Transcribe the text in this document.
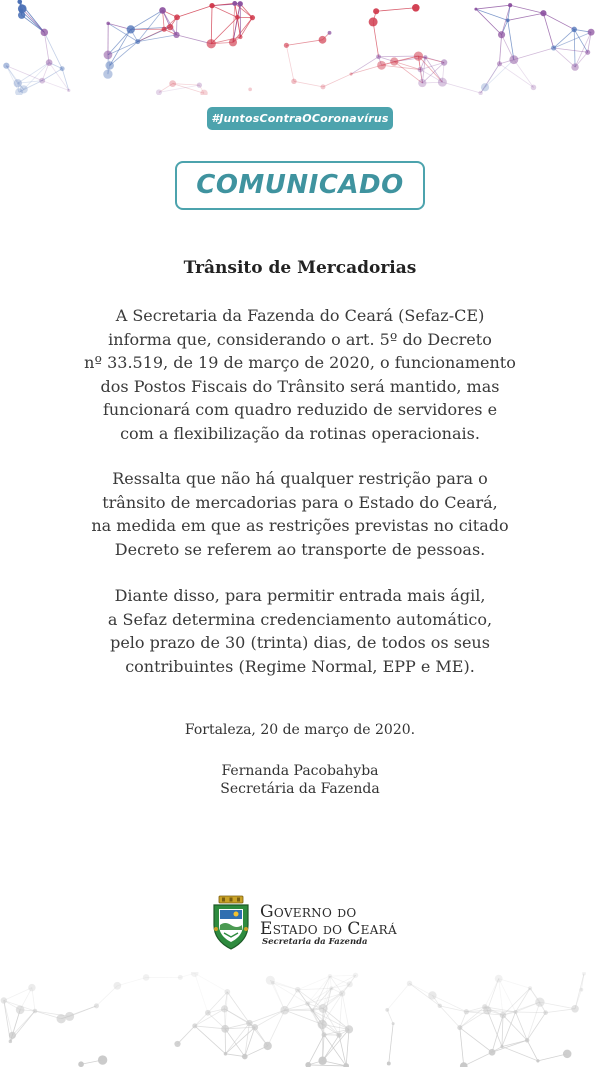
#JuntosContraOCoronavírus
COMUNICADO
Trânsito de Mercadorias

A Secretaria da Fazenda do Ceará (Sefaz-CE)
informa que, considerando o art. 5º do Decreto
nº 33.519, de 19 de março de 2020, o funcionamento
dos Postos Fiscais do Trânsito será mantido, mas
funcionará com quadro reduzido de servidores e
com a flexibilização da rotinas operacionais.

Ressalta que não há qualquer restrição para o
trânsito de mercadorias para o Estado do Ceará,
na medida em que as restrições previstas no citado
Decreto se referem ao transporte de pessoas.

Diante disso, para permitir entrada mais ágil,
a Sefaz determina credenciamento automático,
pelo prazo de 30 (trinta) dias, de todos os seus
contribuintes (Regime Normal, EPP e ME).

Fortaleza, 20 de março de 2020.
Fernanda Pacobahyba
Secretária da Fazenda
GOVERNO DO
ESTADO DO CEARÁ
Secretaria da Fazenda
